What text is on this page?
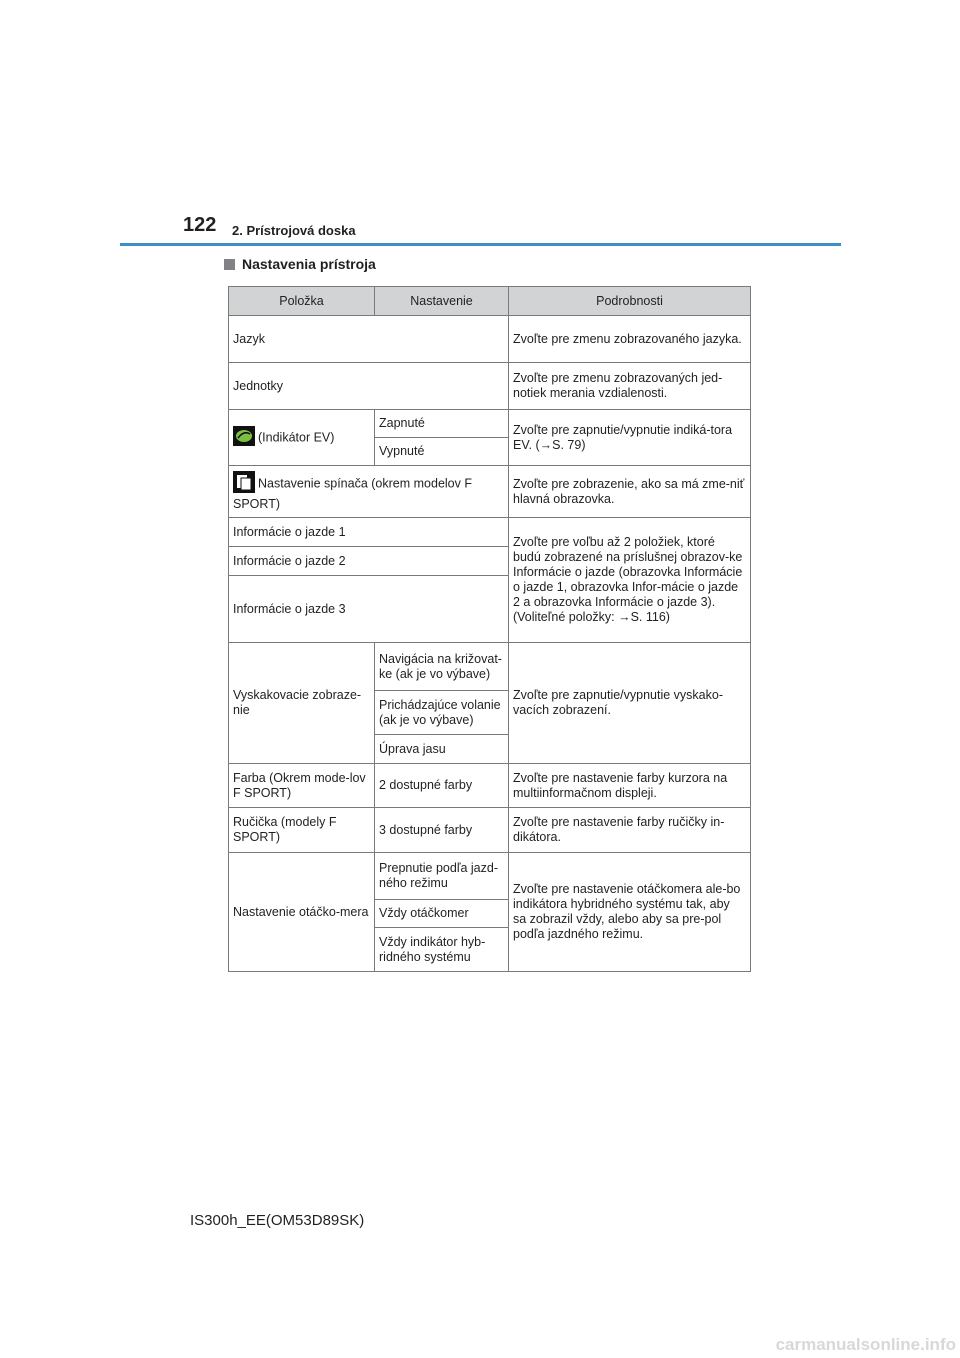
122 2. Prístrojová doska
Nastavenia prístroja
Položka	Nastavenie	Podrobnosti
Jazyk		Zvoľte pre zmenu zobrazovaného jazyka.
Jednotky		Zvoľte pre zmenu zobrazovaných jed-notiek merania vzdialenosti.
(Indikátor EV)	Zapnuté	Zvoľte pre zapnutie/vypnutie indiká-tora EV. (→S. 79)
	Vypnuté	
Nastavenie spínača (okrem modelov F SPORT)		Zvoľte pre zobrazenie, ako sa má zme-niť hlavná obrazovka.
Informácie o jazde 1		Zvoľte pre voľbu až 2 položiek, ktoré budú zobrazené na príslušnej obrazov-ke Informácie o jazde (obrazovka Informácie o jazde 1, obrazovka Infor-mácie o jazde 2 a obrazovka Informácie o jazde 3). (Voliteľné položky: →S. 116)
Informácie o jazde 2		
Informácie o jazde 3		
Vyskakovacie zobraze-nie	Navigácia na križovat-ke (ak je vo výbave)	Zvoľte pre zapnutie/vypnutie vyskako-vacích zobrazení.
	Prichádzajúce volanie (ak je vo výbave)	
	Úprava jasu	
Farba (Okrem mode-lov F SPORT)	2 dostupné farby	Zvoľte pre nastavenie farby kurzora na multiinformačnom displeji.
Ručička (modely F SPORT)	3 dostupné farby	Zvoľte pre nastavenie farby ručičky in-dikátora.
Nastavenie otáčko-mera	Prepnutie podľa jazd-ného režimu	Zvoľte pre nastavenie otáčkomera ale-bo indikátora hybridného systému tak, aby sa zobrazil vždy, alebo aby sa pre-pol podľa jazdného režimu.
	Vždy otáčkomer	
	Vždy indikátor hyb-ridného systému	
IS300h_EE(OM53D89SK)
carmanualsonline.info
